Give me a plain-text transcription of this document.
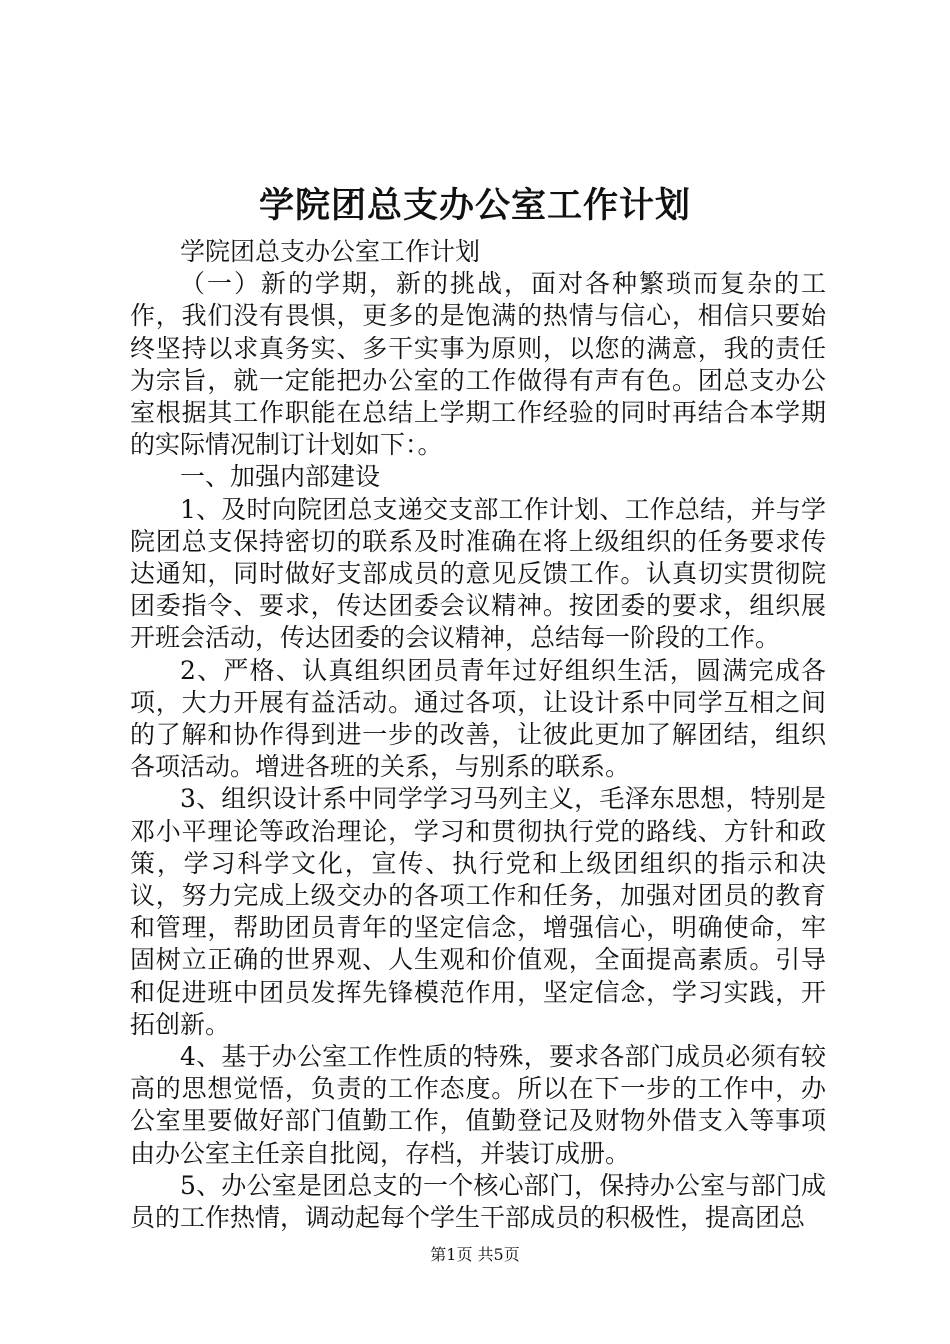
学院团总支办公室工作计划

学院团总支办公室工作计划

（一）新的学期，新的挑战，面对各种繁琐而复杂的工作，我们没有畏惧，更多的是饱满的热情与信心，相信只要始终坚持以求真务实、多干实事为原则，以您的满意，我的责任为宗旨，就一定能把办公室的工作做得有声有色。团总支办公室根据其工作职能在总结上学期工作经验的同时再结合本学期的实际情况制订计划如下：。

一、加强内部建设

1、及时向院团总支递交支部工作计划、工作总结，并与学院团总支保持密切的联系及时准确在将上级组织的任务要求传达通知，同时做好支部成员的意见反馈工作。认真切实贯彻院团委指令、要求，传达团委会议精神。按团委的要求，组织展开班会活动，传达团委的会议精神，总结每一阶段的工作。

2、严格、认真组织团员青年过好组织生活，圆满完成各项，大力开展有益活动。通过各项，让设计系中同学互相之间的了解和协作得到进一步的改善，让彼此更加了解团结，组织各项活动。增进各班的关系，与别系的联系。

3、组织设计系中同学学习马列主义，毛泽东思想，特别是邓小平理论等政治理论，学习和贯彻执行党的路线、方针和政策，学习科学文化，宣传、执行党和上级团组织的指示和决议，努力完成上级交办的各项工作和任务，加强对团员的教育和管理，帮助团员青年的坚定信念，增强信心，明确使命，牢固树立正确的世界观、人生观和价值观，全面提高素质。引导和促进班中团员发挥先锋模范作用，坚定信念，学习实践，开拓创新。

4、基于办公室工作性质的特殊，要求各部门成员必须有较高的思想觉悟，负责的工作态度。所以在下一步的工作中，办公室里要做好部门值勤工作，值勤登记及财物外借支入等事项由办公室主任亲自批阅，存档，并装订成册。

5、办公室是团总支的一个核心部门，保持办公室与部门成员的工作热情，调动起每个学生干部成员的积极性，提高团总

第1页 共5页
